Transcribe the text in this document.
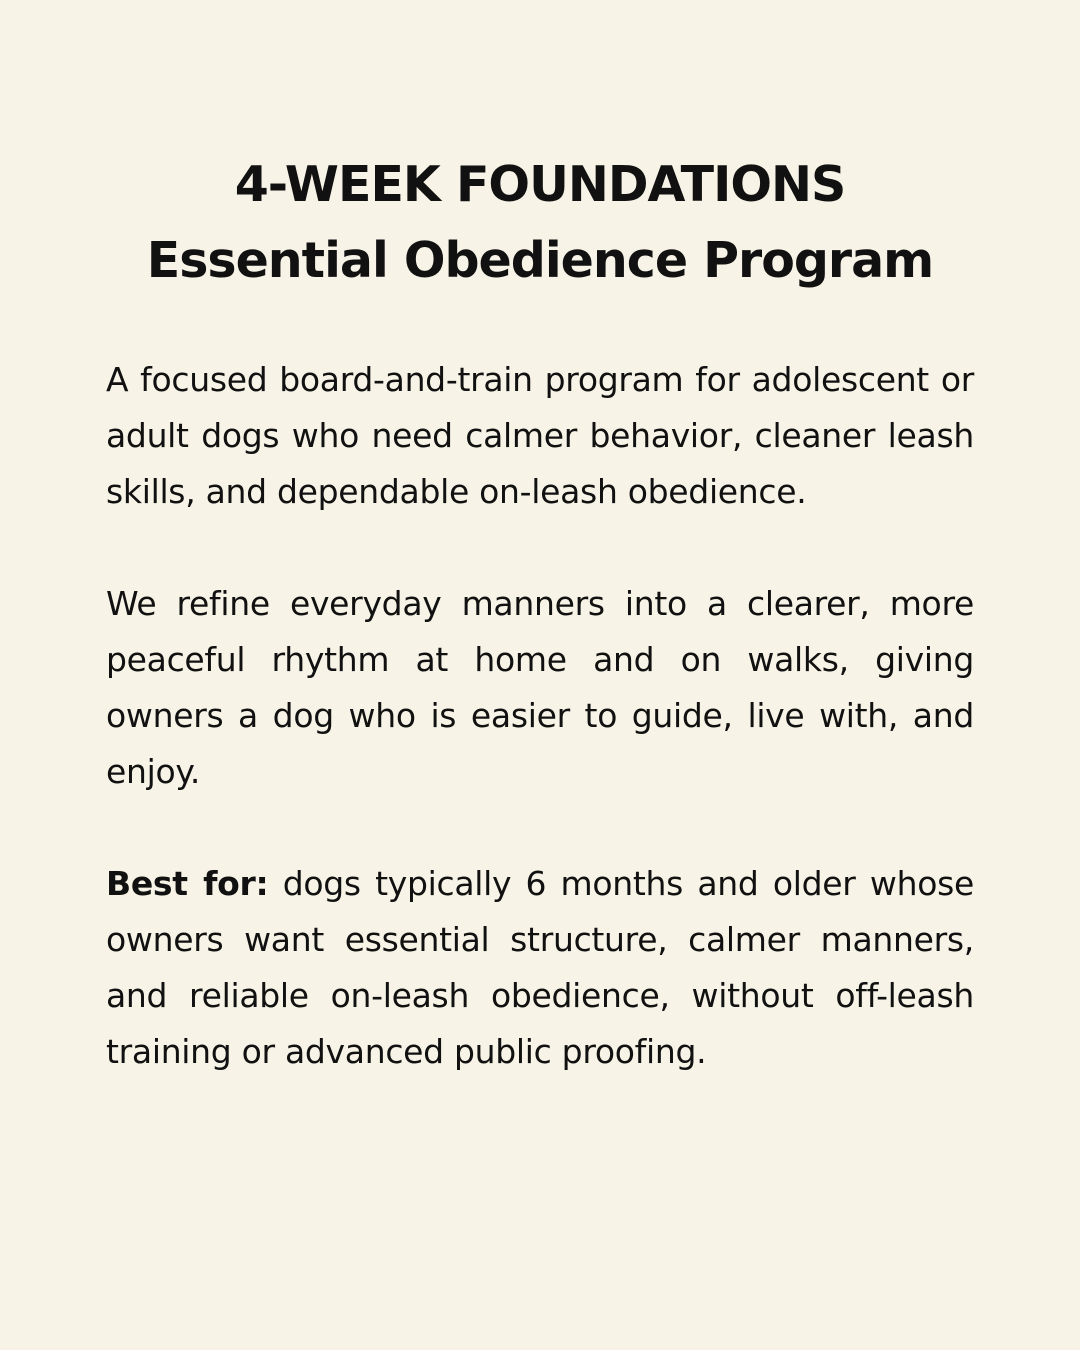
4-WEEK FOUNDATIONS
Essential Obedience Program

A focused board-and-train program for adolescent or adult dogs who need calmer behavior, cleaner leash skills, and dependable on-leash obedience.

We refine everyday manners into a clearer, more peaceful rhythm at home and on walks, giving owners a dog who is easier to guide, live with, and enjoy.

Best for: dogs typically 6 months and older whose owners want essential structure, calmer manners, and reliable on-leash obedience, without off-leash training or advanced public proofing.
